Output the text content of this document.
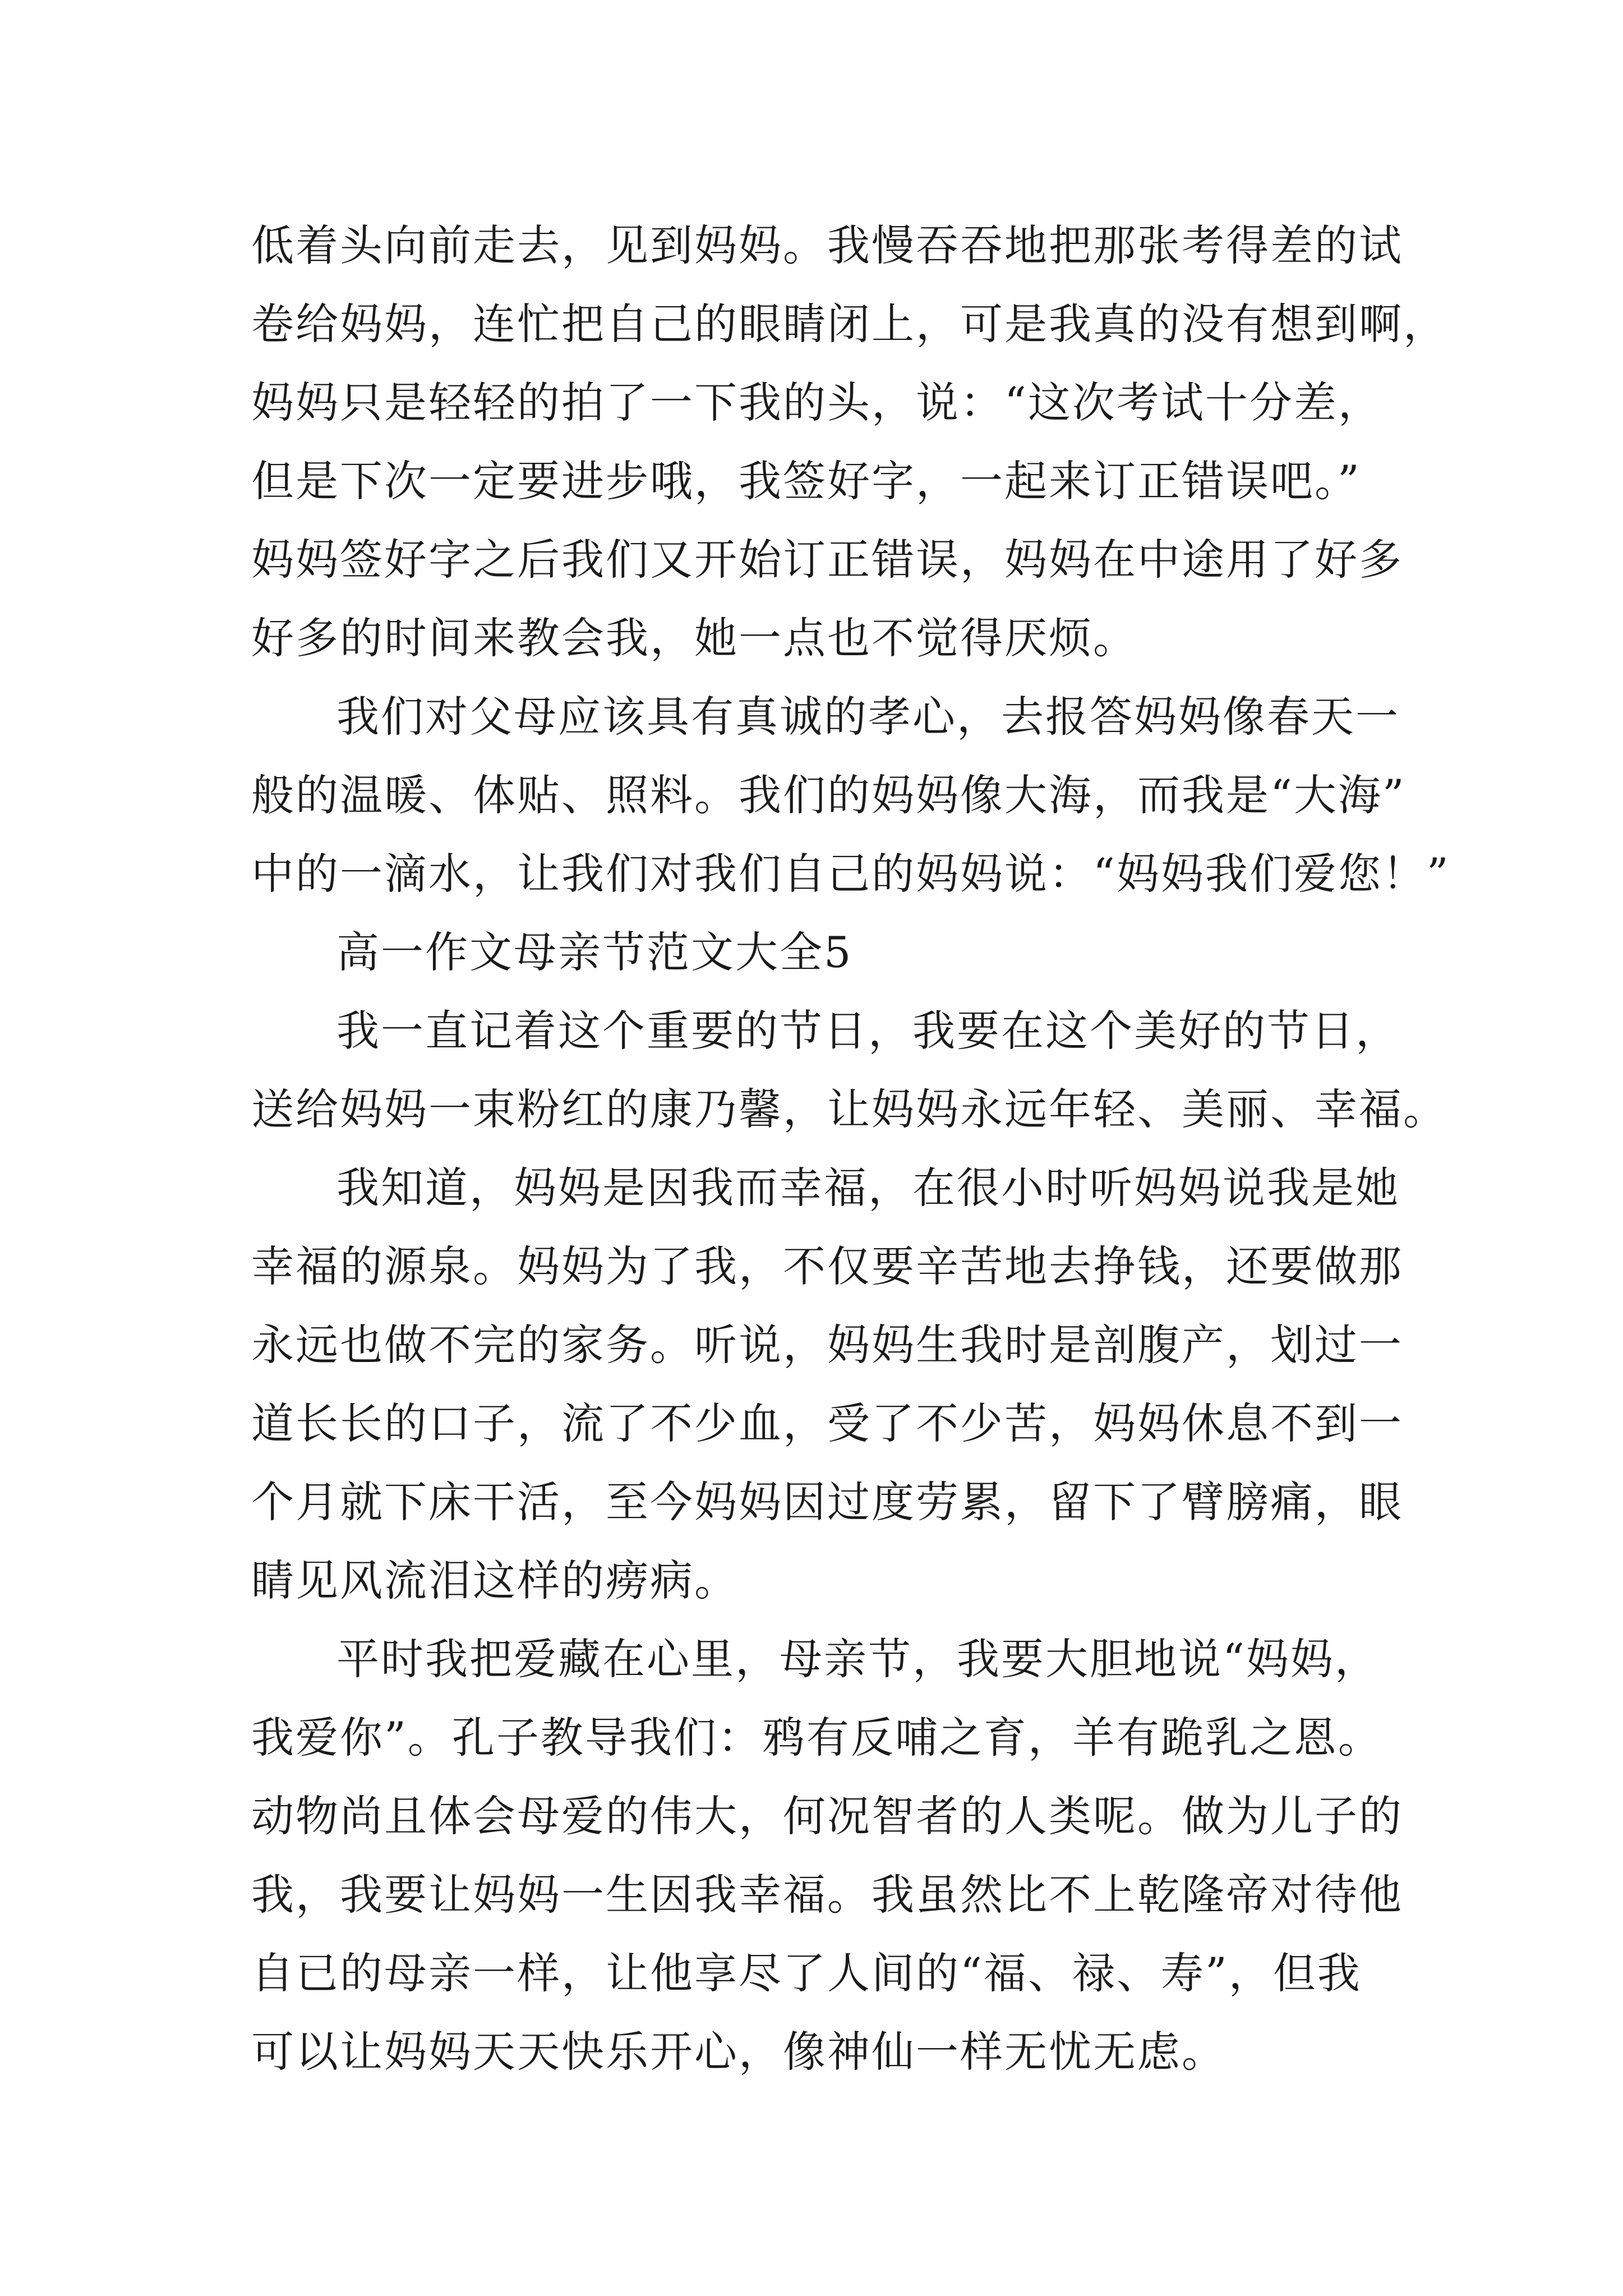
低着头向前走去，见到妈妈。我慢吞吞地把那张考得差的试
卷给妈妈，连忙把自己的眼睛闭上，可是我真的没有想到啊，
妈妈只是轻轻的拍了一下我的头，说：“这次考试十分差，
但是下次一定要进步哦，我签好字，一起来订正错误吧。”
妈妈签好字之后我们又开始订正错误，妈妈在中途用了好多
好多的时间来教会我，她一点也不觉得厌烦。
我们对父母应该具有真诚的孝心，去报答妈妈像春天一
般的温暖、体贴、照料。我们的妈妈像大海，而我是“大海”
中的一滴水，让我们对我们自己的妈妈说：“妈妈我们爱您！”
高一作文母亲节范文大全5
我一直记着这个重要的节日，我要在这个美好的节日，
送给妈妈一束粉红的康乃馨，让妈妈永远年轻、美丽、幸福。
我知道，妈妈是因我而幸福，在很小时听妈妈说我是她
幸福的源泉。妈妈为了我，不仅要辛苦地去挣钱，还要做那
永远也做不完的家务。听说，妈妈生我时是剖腹产，划过一
道长长的口子，流了不少血，受了不少苦，妈妈休息不到一
个月就下床干活，至今妈妈因过度劳累，留下了臂膀痛，眼
睛见风流泪这样的痨病。
平时我把爱藏在心里，母亲节，我要大胆地说“妈妈，
我爱你”。孔子教导我们：鸦有反哺之育，羊有跪乳之恩。
动物尚且体会母爱的伟大，何况智者的人类呢。做为儿子的
我，我要让妈妈一生因我幸福。我虽然比不上乾隆帝对待他
自已的母亲一样，让他享尽了人间的“福、禄、寿”，但我
可以让妈妈天天快乐开心，像神仙一样无忧无虑。
